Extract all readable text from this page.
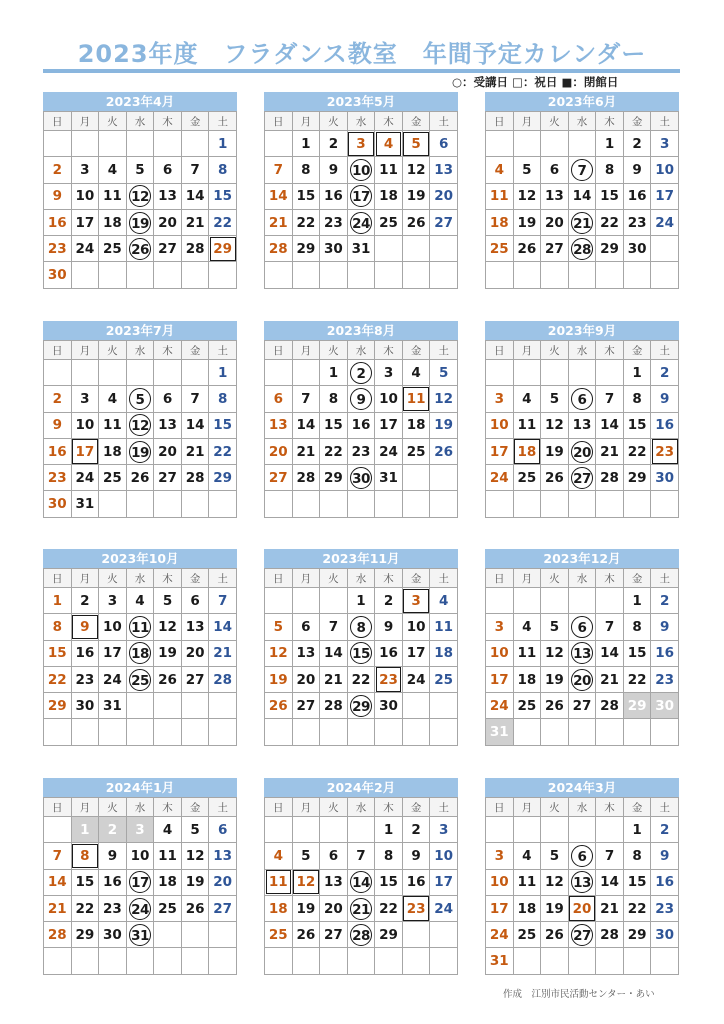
2023年度　フラダンス教室　年間予定カレンダー
○：受講日 □：祝日 ■：閉館日
2023年4月
日	月	火	水	木	金	土
						1
2	3	4	5	6	7	8
9	10	11	12	13	14	15
16	17	18	19	20	21	22
23	24	25	26	27	28	29
30						
2023年5月
日	月	火	水	木	金	土
	1	2	3	4	5	6
7	8	9	10	11	12	13
14	15	16	17	18	19	20
21	22	23	24	25	26	27
28	29	30	31			

2023年6月
日	月	火	水	木	金	土
				1	2	3
4	5	6	7	8	9	10
11	12	13	14	15	16	17
18	19	20	21	22	23	24
25	26	27	28	29	30	

2023年7月
日	月	火	水	木	金	土
						1
2	3	4	5	6	7	8
9	10	11	12	13	14	15
16	17	18	19	20	21	22
23	24	25	26	27	28	29
30	31					
2023年8月
日	月	火	水	木	金	土
		1	2	3	4	5
6	7	8	9	10	11	12
13	14	15	16	17	18	19
20	21	22	23	24	25	26
27	28	29	30	31		

2023年9月
日	月	火	水	木	金	土
					1	2
3	4	5	6	7	8	9
10	11	12	13	14	15	16
17	18	19	20	21	22	23
24	25	26	27	28	29	30

2023年10月
日	月	火	水	木	金	土
1	2	3	4	5	6	7
8	9	10	11	12	13	14
15	16	17	18	19	20	21
22	23	24	25	26	27	28
29	30	31				

2023年11月
日	月	火	水	木	金	土
			1	2	3	4
5	6	7	8	9	10	11
12	13	14	15	16	17	18
19	20	21	22	23	24	25
26	27	28	29	30		

2023年12月
日	月	火	水	木	金	土
					1	2
3	4	5	6	7	8	9
10	11	12	13	14	15	16
17	18	19	20	21	22	23
24	25	26	27	28	29	30
31						
2024年1月
日	月	火	水	木	金	土
	1	2	3	4	5	6
7	8	9	10	11	12	13
14	15	16	17	18	19	20
21	22	23	24	25	26	27
28	29	30	31			

2024年2月
日	月	火	水	木	金	土
				1	2	3
4	5	6	7	8	9	10
11	12	13	14	15	16	17
18	19	20	21	22	23	24
25	26	27	28	29		

2024年3月
日	月	火	水	木	金	土
					1	2
3	4	5	6	7	8	9
10	11	12	13	14	15	16
17	18	19	20	21	22	23
24	25	26	27	28	29	30
31						
作成　江別市民活動センター・あい
